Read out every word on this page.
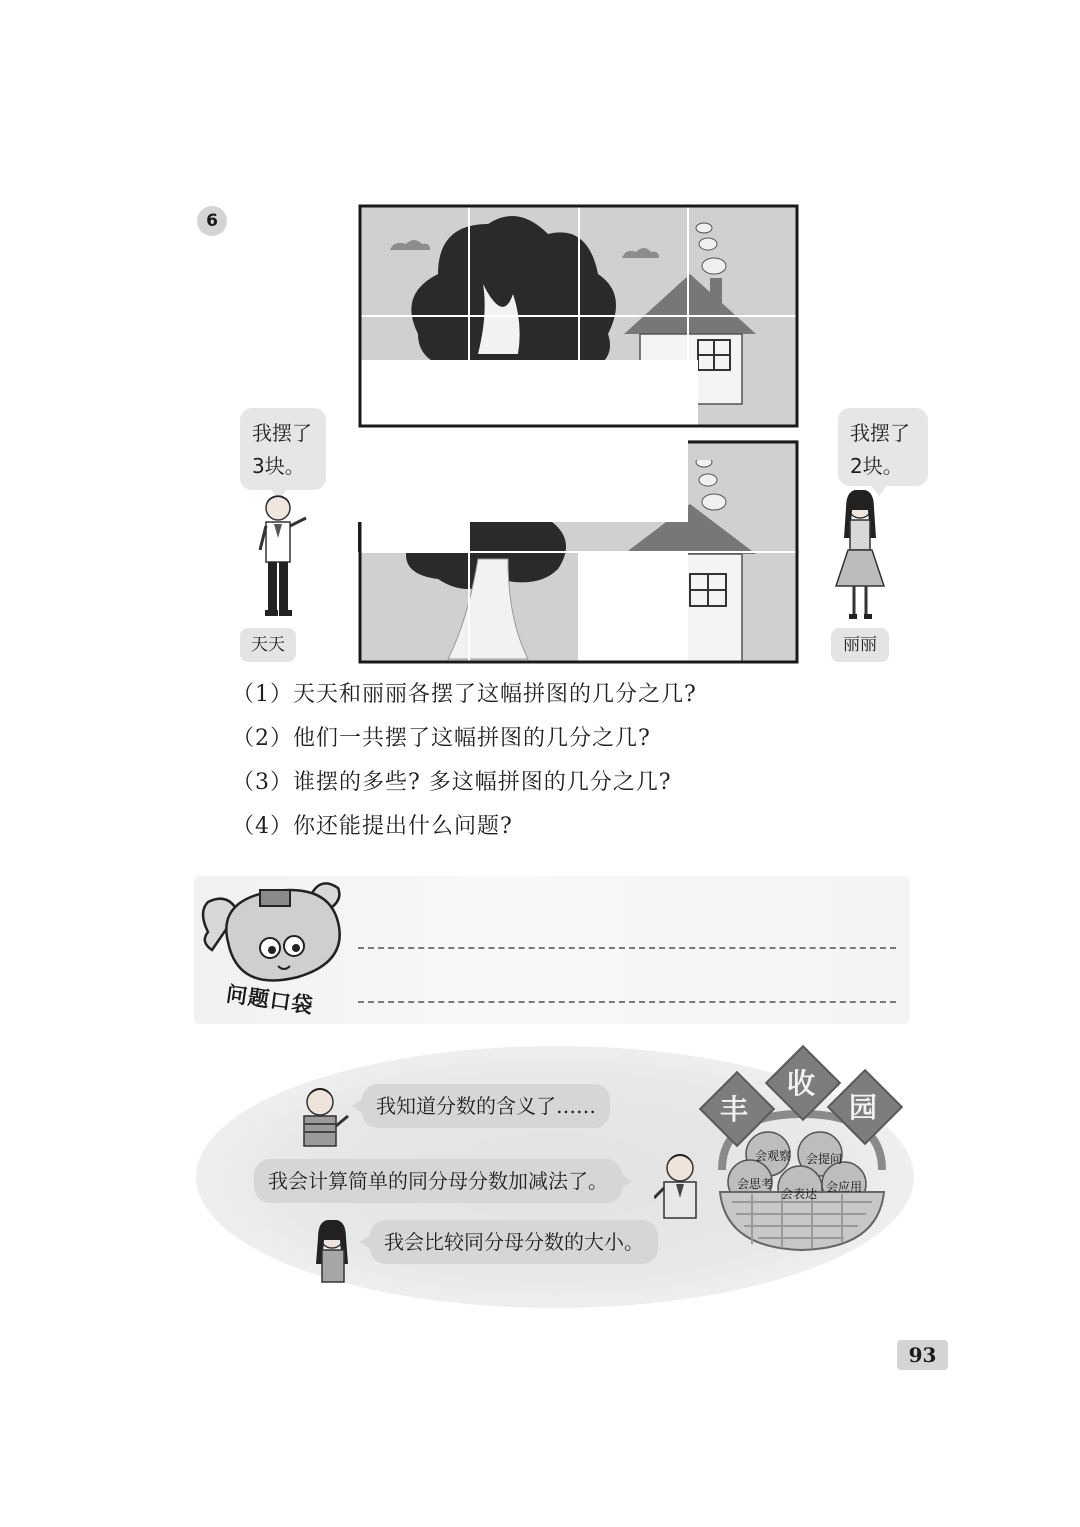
6
我摆了
3块。
天天
我摆了
2块。
丽丽
（1）天天和丽丽各摆了这幅拼图的几分之几?
（2）他们一共摆了这幅拼图的几分之几?
（3）谁摆的多些? 多这幅拼图的几分之几?
（4）你还能提出什么问题?
问题口袋
我知道分数的含义了……
我会计算简单的同分母分数加减法了。
我会比较同分母分数的大小。
会观察 会提问
会思考
会表达 会应用
丰
收
园
93
